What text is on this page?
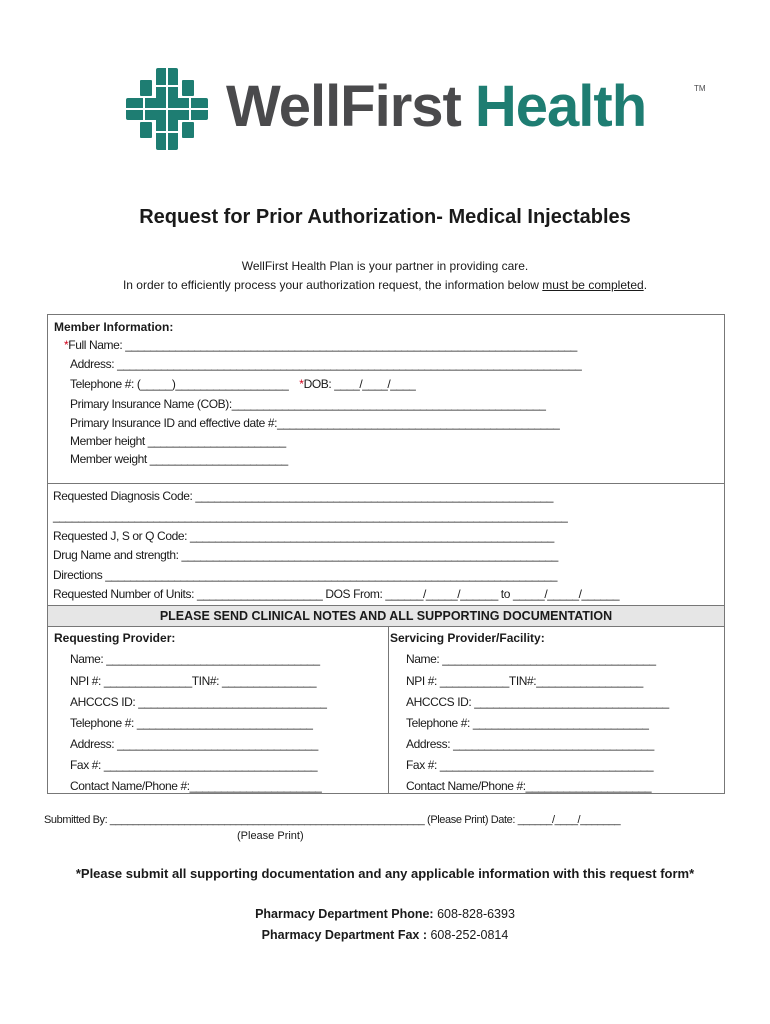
WellFirst Health	TM
Request for Prior Authorization- Medical Injectables
WellFirst Health Plan is your partner in providing care.
In order to efficiently process your authorization request, the information below must be completed.
Member Information:
*Full Name: ________________________________________________________________________
Address: __________________________________________________________________________
Telephone #: (_____)__________________ *DOB: ____/____/____
Primary Insurance Name (COB):__________________________________________________
Primary Insurance ID and effective date #:_____________________________________________
Member height ______________________
Member weight ______________________
Requested Diagnosis Code: _________________________________________________________
__________________________________________________________________________________
Requested J, S or Q Code: __________________________________________________________
Drug Name and strength: ____________________________________________________________
Directions ________________________________________________________________________
Requested Number of Units: ____________________ DOS From: ______/_____/______ to _____/_____/______
PLEASE SEND CLINICAL NOTES AND ALL SUPPORTING DOCUMENTATION
Requesting Provider:
Name: __________________________________
NPI #: ______________TIN#: _______________
AHCCCS ID: ______________________________
Telephone #: ____________________________
Address: ________________________________
Fax #: __________________________________
Contact Name/Phone #:_____________________
Servicing Provider/Facility:
Name: __________________________________
NPI #: ___________TIN#:_________________
AHCCCS ID: _______________________________
Telephone #: ____________________________
Address: ________________________________
Fax #: __________________________________
Contact Name/Phone #:____________________
Submitted By: _______________________________________________________ (Please Print) Date: ______/____/_______
(Please Print)
*Please submit all supporting documentation and any applicable information with this request form*
Pharmacy Department Phone: 608-828-6393
Pharmacy Department Fax : 608-252-0814
